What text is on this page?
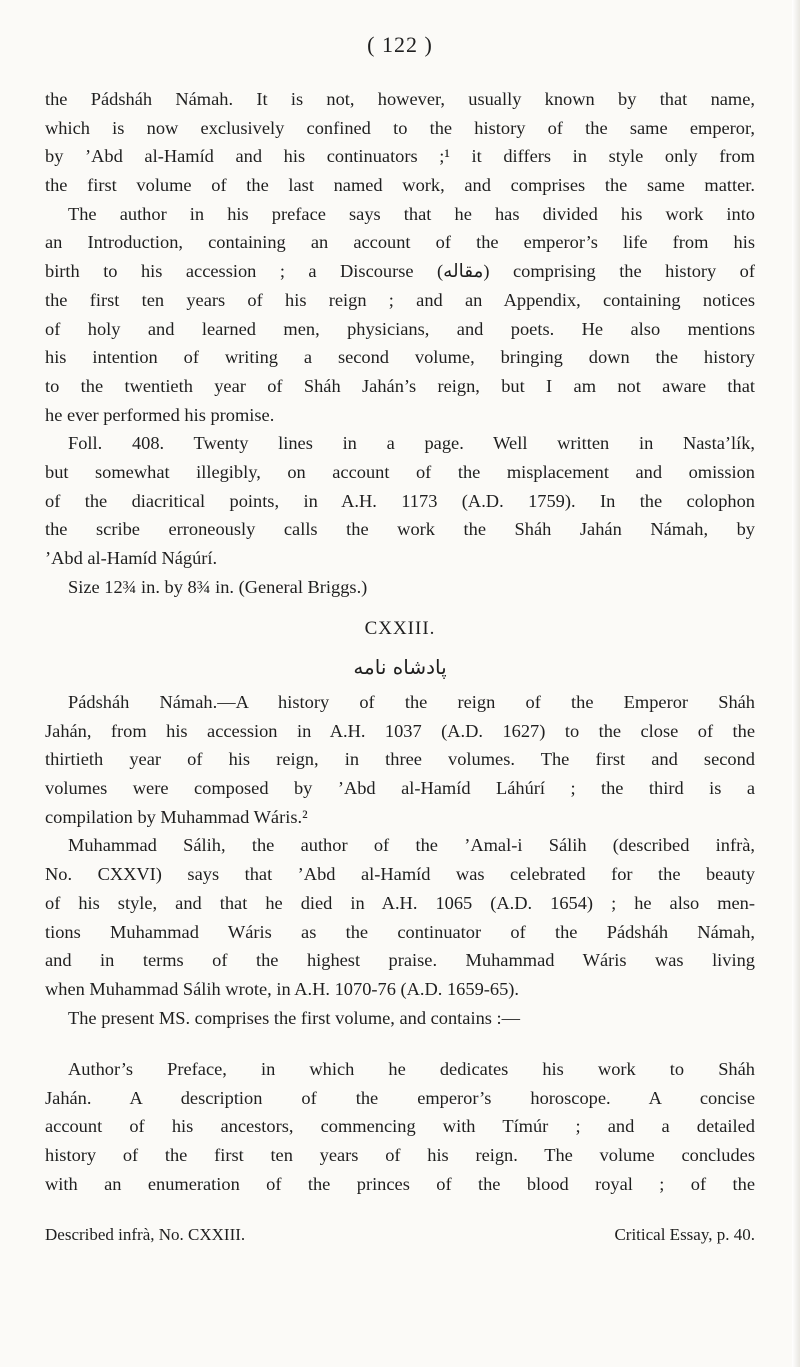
( 122 )
the Pádsháh Námah. It is not, however, usually known by that name,
which is now exclusively confined to the history of the same emperor,
by ’Abd al-Hamíd and his continuators ;¹ it differs in style only from
the first volume of the last named work, and comprises the same matter.
The author in his preface says that he has divided his work into
an Introduction, containing an account of the emperor’s life from his
birth to his accession ; a Discourse (مقاله) comprising the history of
the first ten years of his reign ; and an Appendix, containing notices
of holy and learned men, physicians, and poets. He also mentions
his intention of writing a second volume, bringing down the history
to the twentieth year of Sháh Jahán’s reign, but I am not aware that
he ever performed his promise.
Foll. 408. Twenty lines in a page. Well written in Nasta’lík,
but somewhat illegibly, on account of the misplacement and omission
of the diacritical points, in A.H. 1173 (A.D. 1759). In the colophon
the scribe erroneously calls the work the Sháh Jahán Námah, by
’Abd al-Hamíd Nágúrí.
Size 12¾ in. by 8¾ in. (General Briggs.)
CXXIII.
پادشاه نامه
Pádsháh Námah.—A history of the reign of the Emperor Sháh
Jahán, from his accession in A.H. 1037 (A.D. 1627) to the close of the
thirtieth year of his reign, in three volumes. The first and second
volumes were composed by ’Abd al-Hamíd Láhúrí ; the third is a
compilation by Muhammad Wáris.²
Muhammad Sálih, the author of the ’Amal-i Sálih (described infrà,
No. CXXVI) says that ’Abd al-Hamíd was celebrated for the beauty
of his style, and that he died in A.H. 1065 (A.D. 1654) ; he also men-
tions Muhammad Wáris as the continuator of the Pádsháh Námah,
and in terms of the highest praise. Muhammad Wáris was living
when Muhammad Sálih wrote, in A.H. 1070-76 (A.D. 1659-65).
The present MS. comprises the first volume, and contains :—
Author’s Preface, in which he dedicates his work to Sháh
Jahán. A description of the emperor’s horoscope. A concise
account of his ancestors, commencing with Tímúr ; and a detailed
history of the first ten years of his reign. The volume concludes
with an enumeration of the princes of the blood royal ; of the
Described infrà, No. CXXIII.	Critical Essay, p. 40.
